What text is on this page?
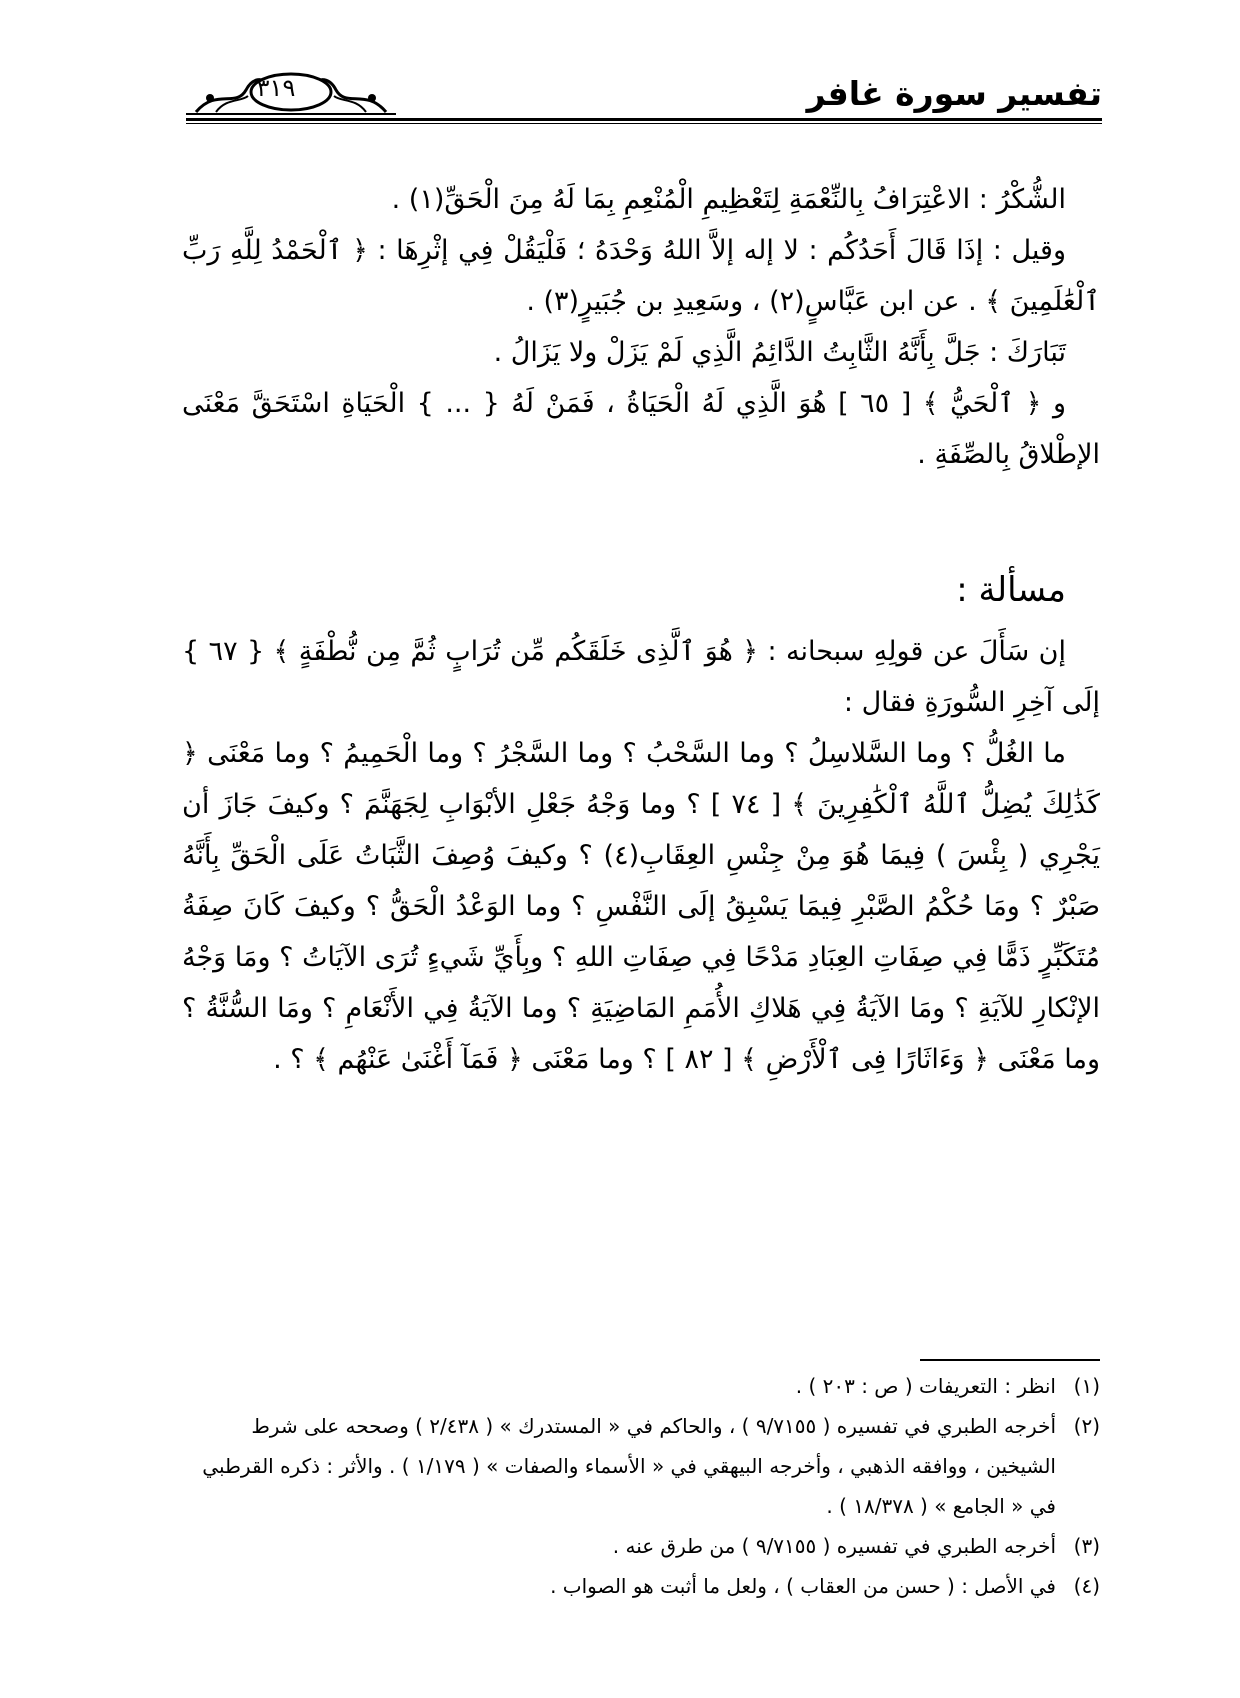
تفسير سورة غافر
٣١٩

الشُّكْرُ : الاعْتِرَافُ بِالنِّعْمَةِ لِتَعْظِيمِ الْمُنْعِمِ بِمَا لَهُ مِنَ الْحَقِّ(١) .

وقيل : إذَا قَالَ أَحَدُكُم : لا إله إلاَّ اللهُ وَحْدَهُ ؛ فَلْيَقُلْ فِي إثْرِهَا : ﴿ ٱلْحَمْدُ لِلَّهِ رَبِّ ٱلْعَٰلَمِينَ ﴾ . عن ابن عَبَّاسٍ(٢) ، وسَعِيدِ بن جُبَيرٍ(٣) .

تَبَارَكَ : جَلَّ بِأَنَّهُ الثَّابِتُ الدَّائِمُ الَّذِي لَمْ يَزَلْ ولا يَزَالُ .

و ﴿ ٱلْحَيُّ ﴾ [ ٦٥ ] هُوَ الَّذِي لَهُ الْحَيَاةُ ، فَمَنْ لَهُ { ... } الْحَيَاةِ اسْتَحَقَّ مَعْنَى الإطْلاقُ بِالصِّفَةِ .

مسألة :

إن سَأَلَ عن قولِهِ سبحانه : ﴿ هُوَ ٱلَّذِى خَلَقَكُم مِّن تُرَابٍ ثُمَّ مِن نُّطْفَةٍ ﴾ { ٦٧ } إلَى آخِرِ السُّورَةِ فقال :

ما الغُلُّ ؟ وما السَّلاسِلُ ؟ وما السَّحْبُ ؟ وما السَّجْرُ ؟ وما الْحَمِيمُ ؟ وما مَعْنَى ﴿ كَذَٰلِكَ يُضِلُّ ٱللَّهُ ٱلْكَٰفِرِينَ ﴾ [ ٧٤ ] ؟ وما وَجْهُ جَعْلِ الأبْوَابِ لِجَهَنَّمَ ؟ وكيفَ جَازَ أن يَجْرِي ( بِئْسَ ) فِيمَا هُوَ مِنْ جِنْسِ العِقَابِ(٤) ؟ وكيفَ وُصِفَ الثَّبَاتُ عَلَى الْحَقِّ بِأَنَّهُ صَبْرٌ ؟ ومَا حُكْمُ الصَّبْرِ فِيمَا يَسْبِقُ إلَى النَّفْسِ ؟ وما الوَعْدُ الْحَقُّ ؟ وكيفَ كَانَ صِفَةُ مُتَكَبِّرٍ ذَمًّا فِي صِفَاتِ العِبَادِ مَدْحًا فِي صِفَاتِ اللهِ ؟ وبِأَيِّ شَيءٍ تُرَى الآيَاتُ ؟ ومَا وَجْهُ الإنْكارِ للآيَةِ ؟ ومَا الآيَةُ فِي هَلاكِ الأُمَمِ المَاضِيَةِ ؟ وما الآيَةُ فِي الأَنْعَامِ ؟ ومَا السُّنَّةُ ؟ وما مَعْنَى ﴿ وَءَاثَارًا فِى ٱلْأَرْضِ ﴾ [ ٨٢ ] ؟ وما مَعْنَى ﴿ فَمَآ أَغْنَىٰ عَنْهُم ﴾ ؟ .

(١)انظر : التعريفات ( ص : ٢٠٣ ) .

(٢)أخرجه الطبري في تفسيره ( ٩/٧١٥٥ ) ، والحاكم في « المستدرك » ( ٢/٤٣٨ ) وصححه على شرط الشيخين ، ووافقه الذهبي ، وأخرجه البيهقي في « الأسماء والصفات » ( ١/١٧٩ ) . والأثر : ذكره القرطبي في « الجامع » ( ١٨/٣٧٨ ) .

(٣)أخرجه الطبري في تفسيره ( ٩/٧١٥٥ ) من طرق عنه .

(٤)في الأصل : ( حسن من العقاب ) ، ولعل ما أثبت هو الصواب .
